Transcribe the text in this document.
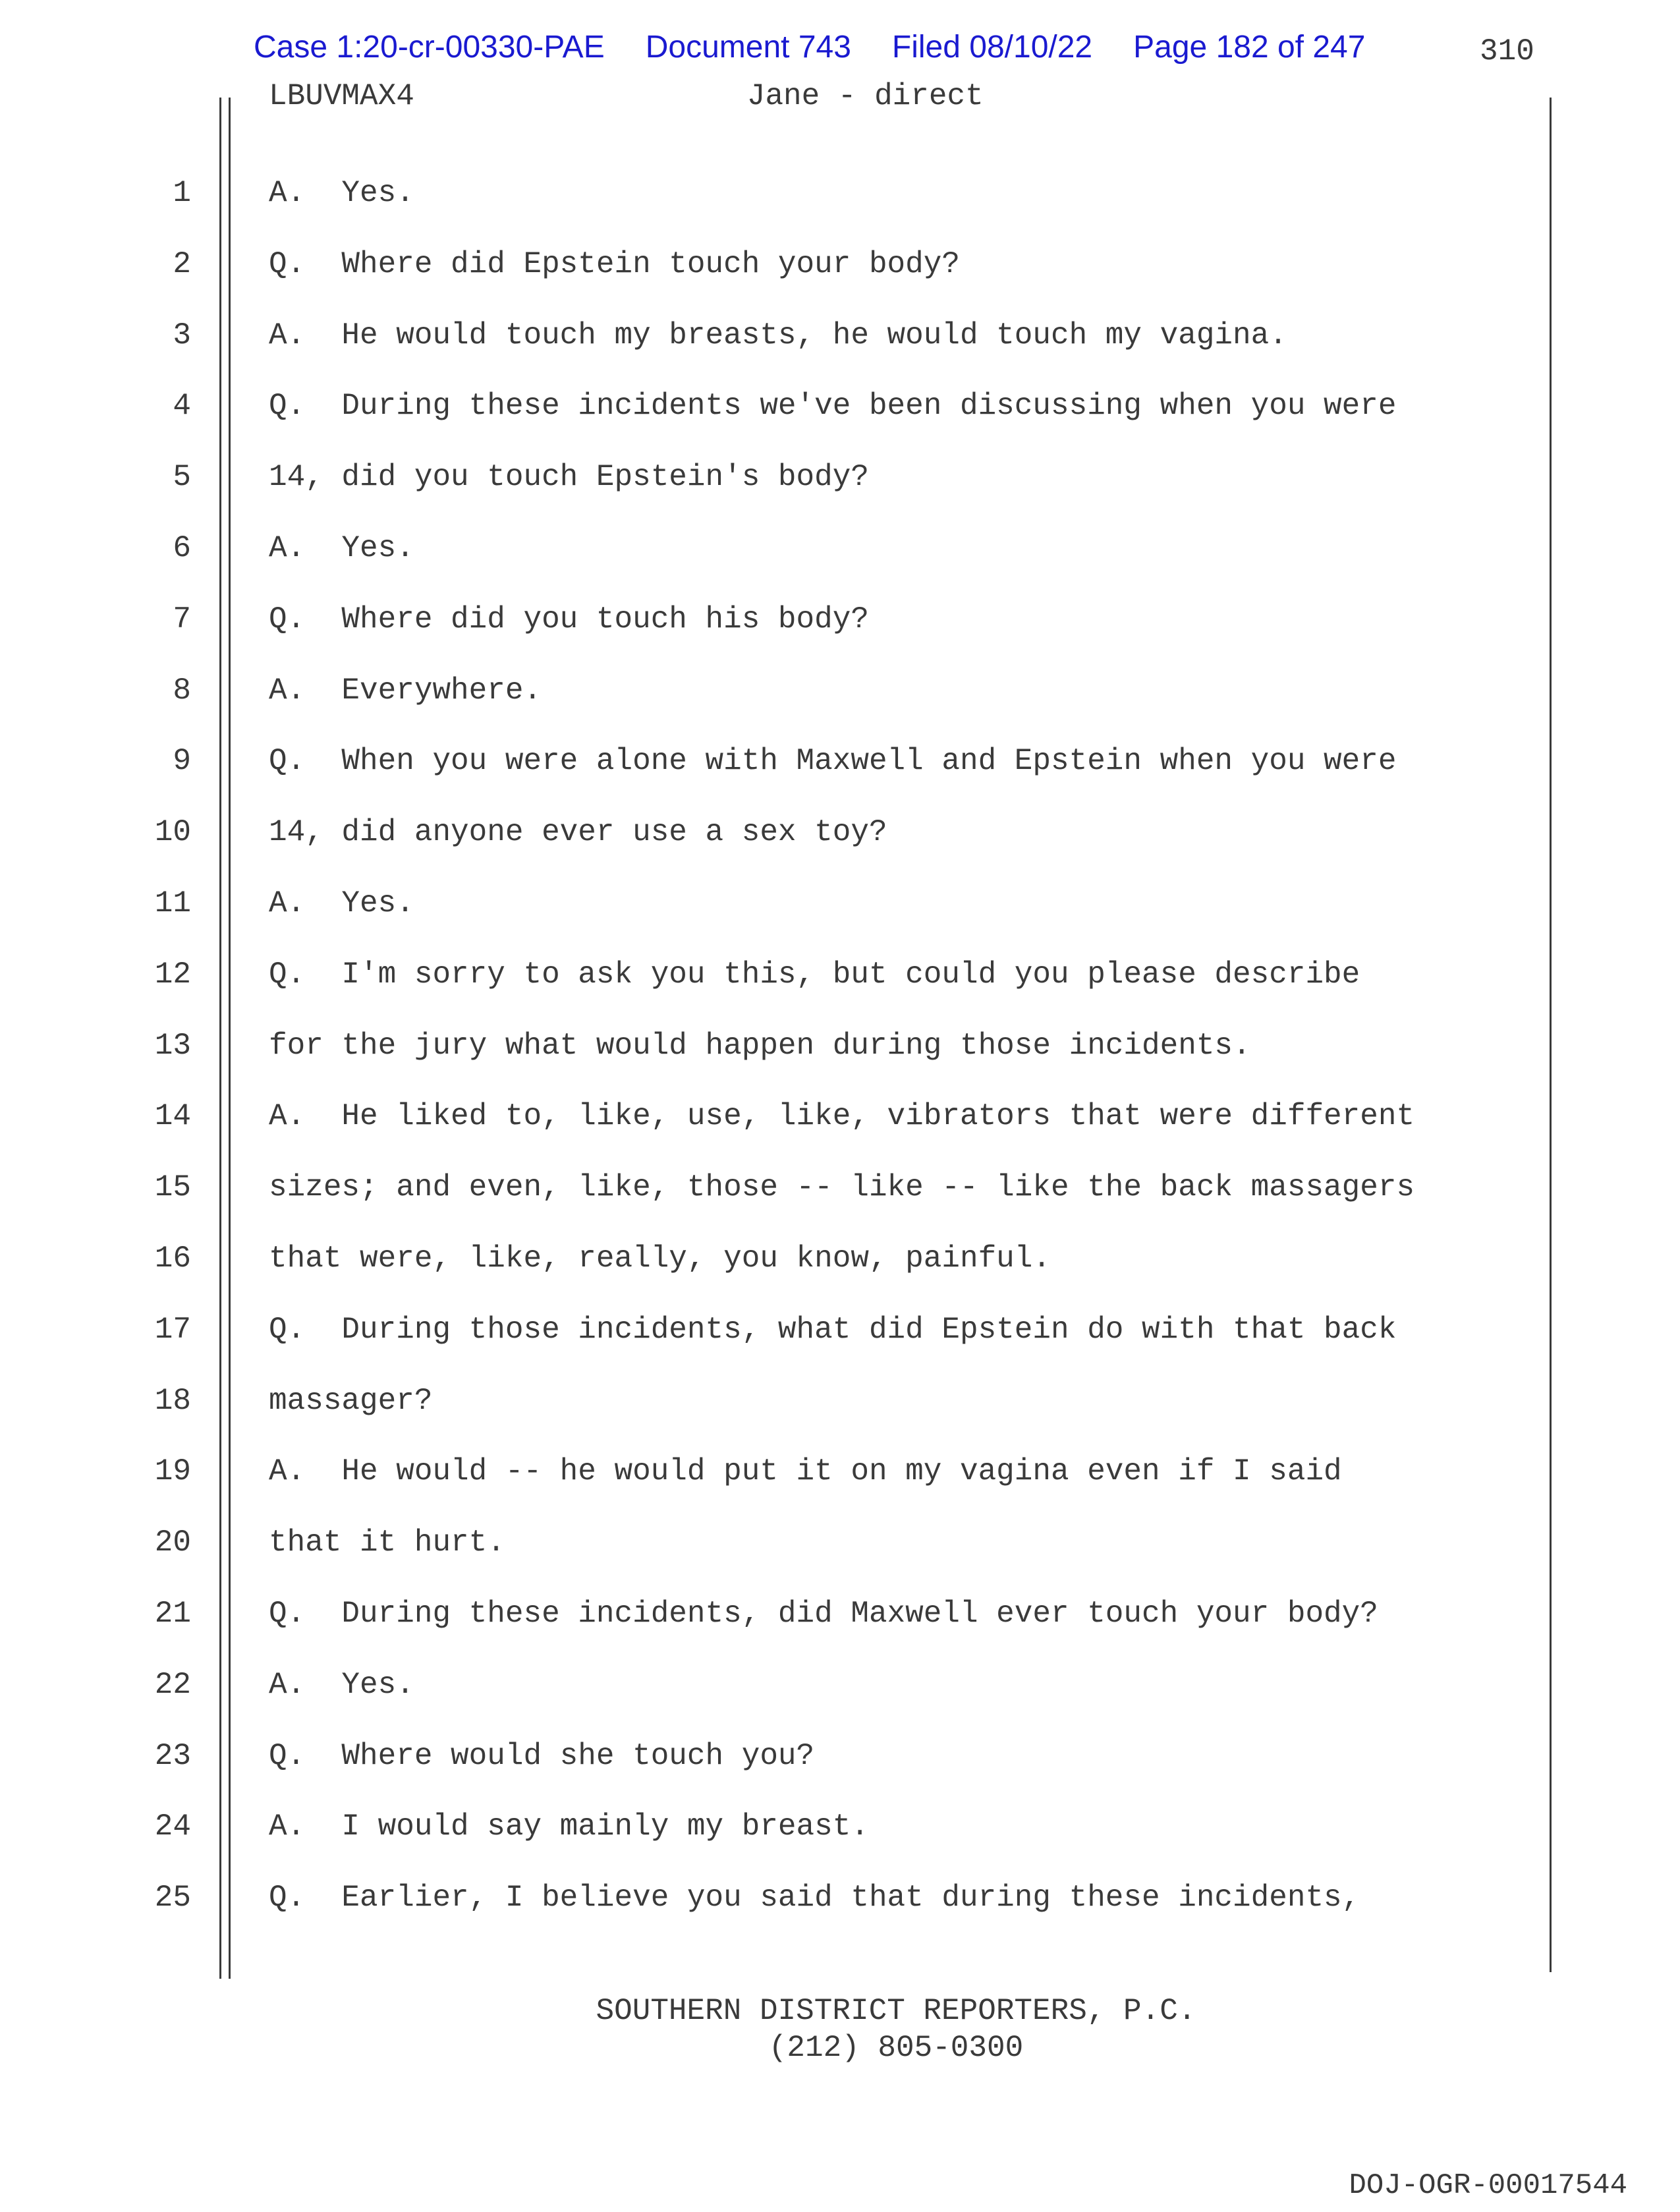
Case 1:20-cr-00330-PAE Document 743 Filed 08/10/22 Page 182 of 247	310
LBUVMAX4	Jane - direct
1
2
3
4
5
6
7
8
9
10
11
12
13
14
15
16
17
18
19
20
21
22
23
24
25
A.  Yes.
Q.  Where did Epstein touch your body?
A.  He would touch my breasts, he would touch my vagina.
Q.  During these incidents we've been discussing when you were
14, did you touch Epstein's body?
A.  Yes.
Q.  Where did you touch his body?
A.  Everywhere.
Q.  When you were alone with Maxwell and Epstein when you were
14, did anyone ever use a sex toy?
A.  Yes.
Q.  I'm sorry to ask you this, but could you please describe
for the jury what would happen during those incidents.
A.  He liked to, like, use, like, vibrators that were different
sizes; and even, like, those -- like -- like the back massagers
that were, like, really, you know, painful.
Q.  During those incidents, what did Epstein do with that back
massager?
A.  He would -- he would put it on my vagina even if I said
that it hurt.
Q.  During these incidents, did Maxwell ever touch your body?
A.  Yes.
Q.  Where would she touch you?
A.  I would say mainly my breast.
Q.  Earlier, I believe you said that during these incidents,
SOUTHERN DISTRICT REPORTERS, P.C.
(212) 805-0300
DOJ-OGR-00017544
